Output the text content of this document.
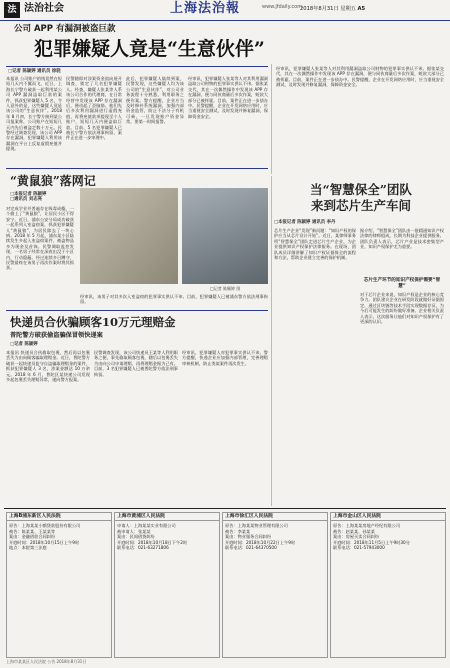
法 法治社会	上海法治報	www.jfdaily.com
2018年8月31日 星期五 A5
公司 APP 有漏洞被盗巨款
犯罪嫌疑人竟是“生意伙伴”
□记者 陈颖婷 通讯员 徐骁
本报讯 公司账户的钱竟然在短短几天内不翼而飞，近日，上海长宁警方破获一起利用某公司 APP 漏洞盗取巨款的案件，抓获犯罪嫌疑人 5 名，令人意外的是，这些嫌疑人竟是该公司的“生意伙伴”。2018 年 8 月初，长宁警方接到某公司报案称，公司账户在短短几天内先后被盗走数十万元。民警经过调查发现，该公司 APP 存在漏洞，犯罪嫌疑人利用该漏洞在平台上反复虚假充值并提现。
民警随即对涉案资金流向展开调查，锁定了几名犯罪嫌疑人。经查，嫌疑人张某等人系该公司合作的代理商，在日常经营中发现该 APP 存在漏洞后，便动起了歪脑筋。他们先后多次利用漏洞进行虚假充值，再将充值款项提现至个人账户，短短几天内便盗取巨款。目前，5 名犯罪嫌疑人已被长宁警方依法刑事拘留，案件正在进一步审理中。
此后，犯罪嫌疑人陆续到案，民警发现，这些嫌疑人均为该公司的“生意伙伴”，对公司业务流程十分熟悉，利用职务之便作案。警方提醒，企业应当及时修补系统漏洞，加强内部资金监管，防止不法分子有机可乘，一旦发现账户资金异常，要第一时间报警。
经审讯，犯罪嫌疑人张某等人对其利用漏洞盗取公司财物的犯罪事实供认不讳。据张某交代，其在一次偶然操作中发现该 APP 存在漏洞，便与同伙商量后多次作案，赃款大部分已被挥霍。目前，案件正在进一步侦办中。民警提醒，企业在开发网络应用时，应当重视安全测试，及时发现并修复漏洞，保障资金安全。
经审讯，犯罪嫌疑人张某等人对其利用漏洞盗取公司财物的犯罪事实供认不讳。据张某交代，其在一次偶然操作中发现该 APP 存在漏洞，便与同伙商量后多次作案，赃款大部分已被挥霍。目前，案件正在进一步侦办中。民警提醒，企业在开发网络应用时，应当重视安全测试，及时发现并修复漏洞，保障资金安全。
“黄鼠狼”落网记
□本报记者 陈颖婷
□通讯员 刘志亮
对完成学业并普遍存在吸毒成瘾，一个偷上了“黄鼠狼”，让居民小区不得安宁。近日，浦东公安分局成功破获一起系列入室盗窃案，抓获犯罪嫌疑人“黄鼠狼”，为居民除去了一块心病。2018 年 5 月起，浦东某小区陆续发生多起入室盗窃案件，被盗物品多为现金及首饰。民警调取监控发现，一名男子经常在深夜出没于小区内，行动隐蔽。经过连续多日蹲守，民警最终在该男子再次作案时将其抓获。
□记者 陈颖婷 图
经审讯，该男子对其多次入室盗窃的犯罪事实供认不讳。目前，犯罪嫌疑人已被浦东警方依法刑事拘留。
当“智慧保全”团队
来到芯片生产车间
□本报记者 陈颖婷 通讯员 李丹
芯片生产企业“发现”新问题：“知识产权的保护应当从芯片设计开始”。近日，某律师事务所“智慧保全”团队走进芯片生产企业，为企业提供知识产权保护法律服务。在现场，团队成员详细讲解了知识产权证据保全的流程和方法，帮助企业建立完善的保护机制。
据介绍，“智慧保全”团队由一批精通知识产权法律的律师组成，长期为科技企业提供服务。团队负责人表示，芯片产业是技术密集型产业，知识产权保护尤为重要。
芯片生产环节的知识产权保护需要“智慧”
对于芯片企业来说，知识产权是企业的核心竞争力。团队建议企业在研发阶段就做好证据固定，通过区块链等技术手段实现数据存证，为今后可能发生的纠纷做好准备。企业相关负责人表示，这次服务让他们对知识产权保护有了更深的认识。
快递员合伙骗顾客10万元理赔金
普陀警方破获偷盗骗保冒领快递案
□记者 陈颖婷
本报讯 快递员合伙偷取包裹，然后再以包裹丢失为由向顾客骗取理赔金。近日，普陀警方破获一起快递员监守自盗骗取理赔金的案件，抓获犯罪嫌疑人 3 名，涉案金额达 10 万余元。2018 年 6 月，普陀区某快递公司发现多起包裹丢失理赔异常，遂向警方报案。
民警调查发现，该公司快递员王某等人利用职务之便，事先偷取顾客包裹，随后以包裹丢失为由向公司申请理赔，再将理赔金据为己有。目前，3 名犯罪嫌疑人已被普陀警方依法刑事拘留。
经审讯，犯罪嫌疑人对犯罪事实供认不讳。警方提醒，快递企业应加强内部管理，完善理赔审核机制，防止类似案件再次发生。
上海B浦东新区人民法院
原告：上海某某小额贷款股份有限公司
被告：陈某某、王某某等
案由：金融借款合同纠纷
开庭时间：2018年10月15日上午9时
地点：本院第三法庭
上海市黄浦区人民法院
申请人：上海某某实业有限公司
被申请人：张某某
案由：民间借贷纠纷
开庭时间：2018年10月18日下午2时
联系电话：021-63271806
上海市徐汇区人民法院
原告：上海某某物业管理有限公司
被告：李某某
案由：物业服务合同纠纷
开庭时间：2018年10月22日上午9时
联系电话：021-64370500
上海市金山区人民法院
原告：上海某某房地产经纪有限公司
被告：赵某某、孙某某
案由：房屋买卖合同纠纷
开庭时间：2018年11月5日上午9时30分
联系电话：021-57943000
上海市某某区人民法院 公告 2018年8月31日
